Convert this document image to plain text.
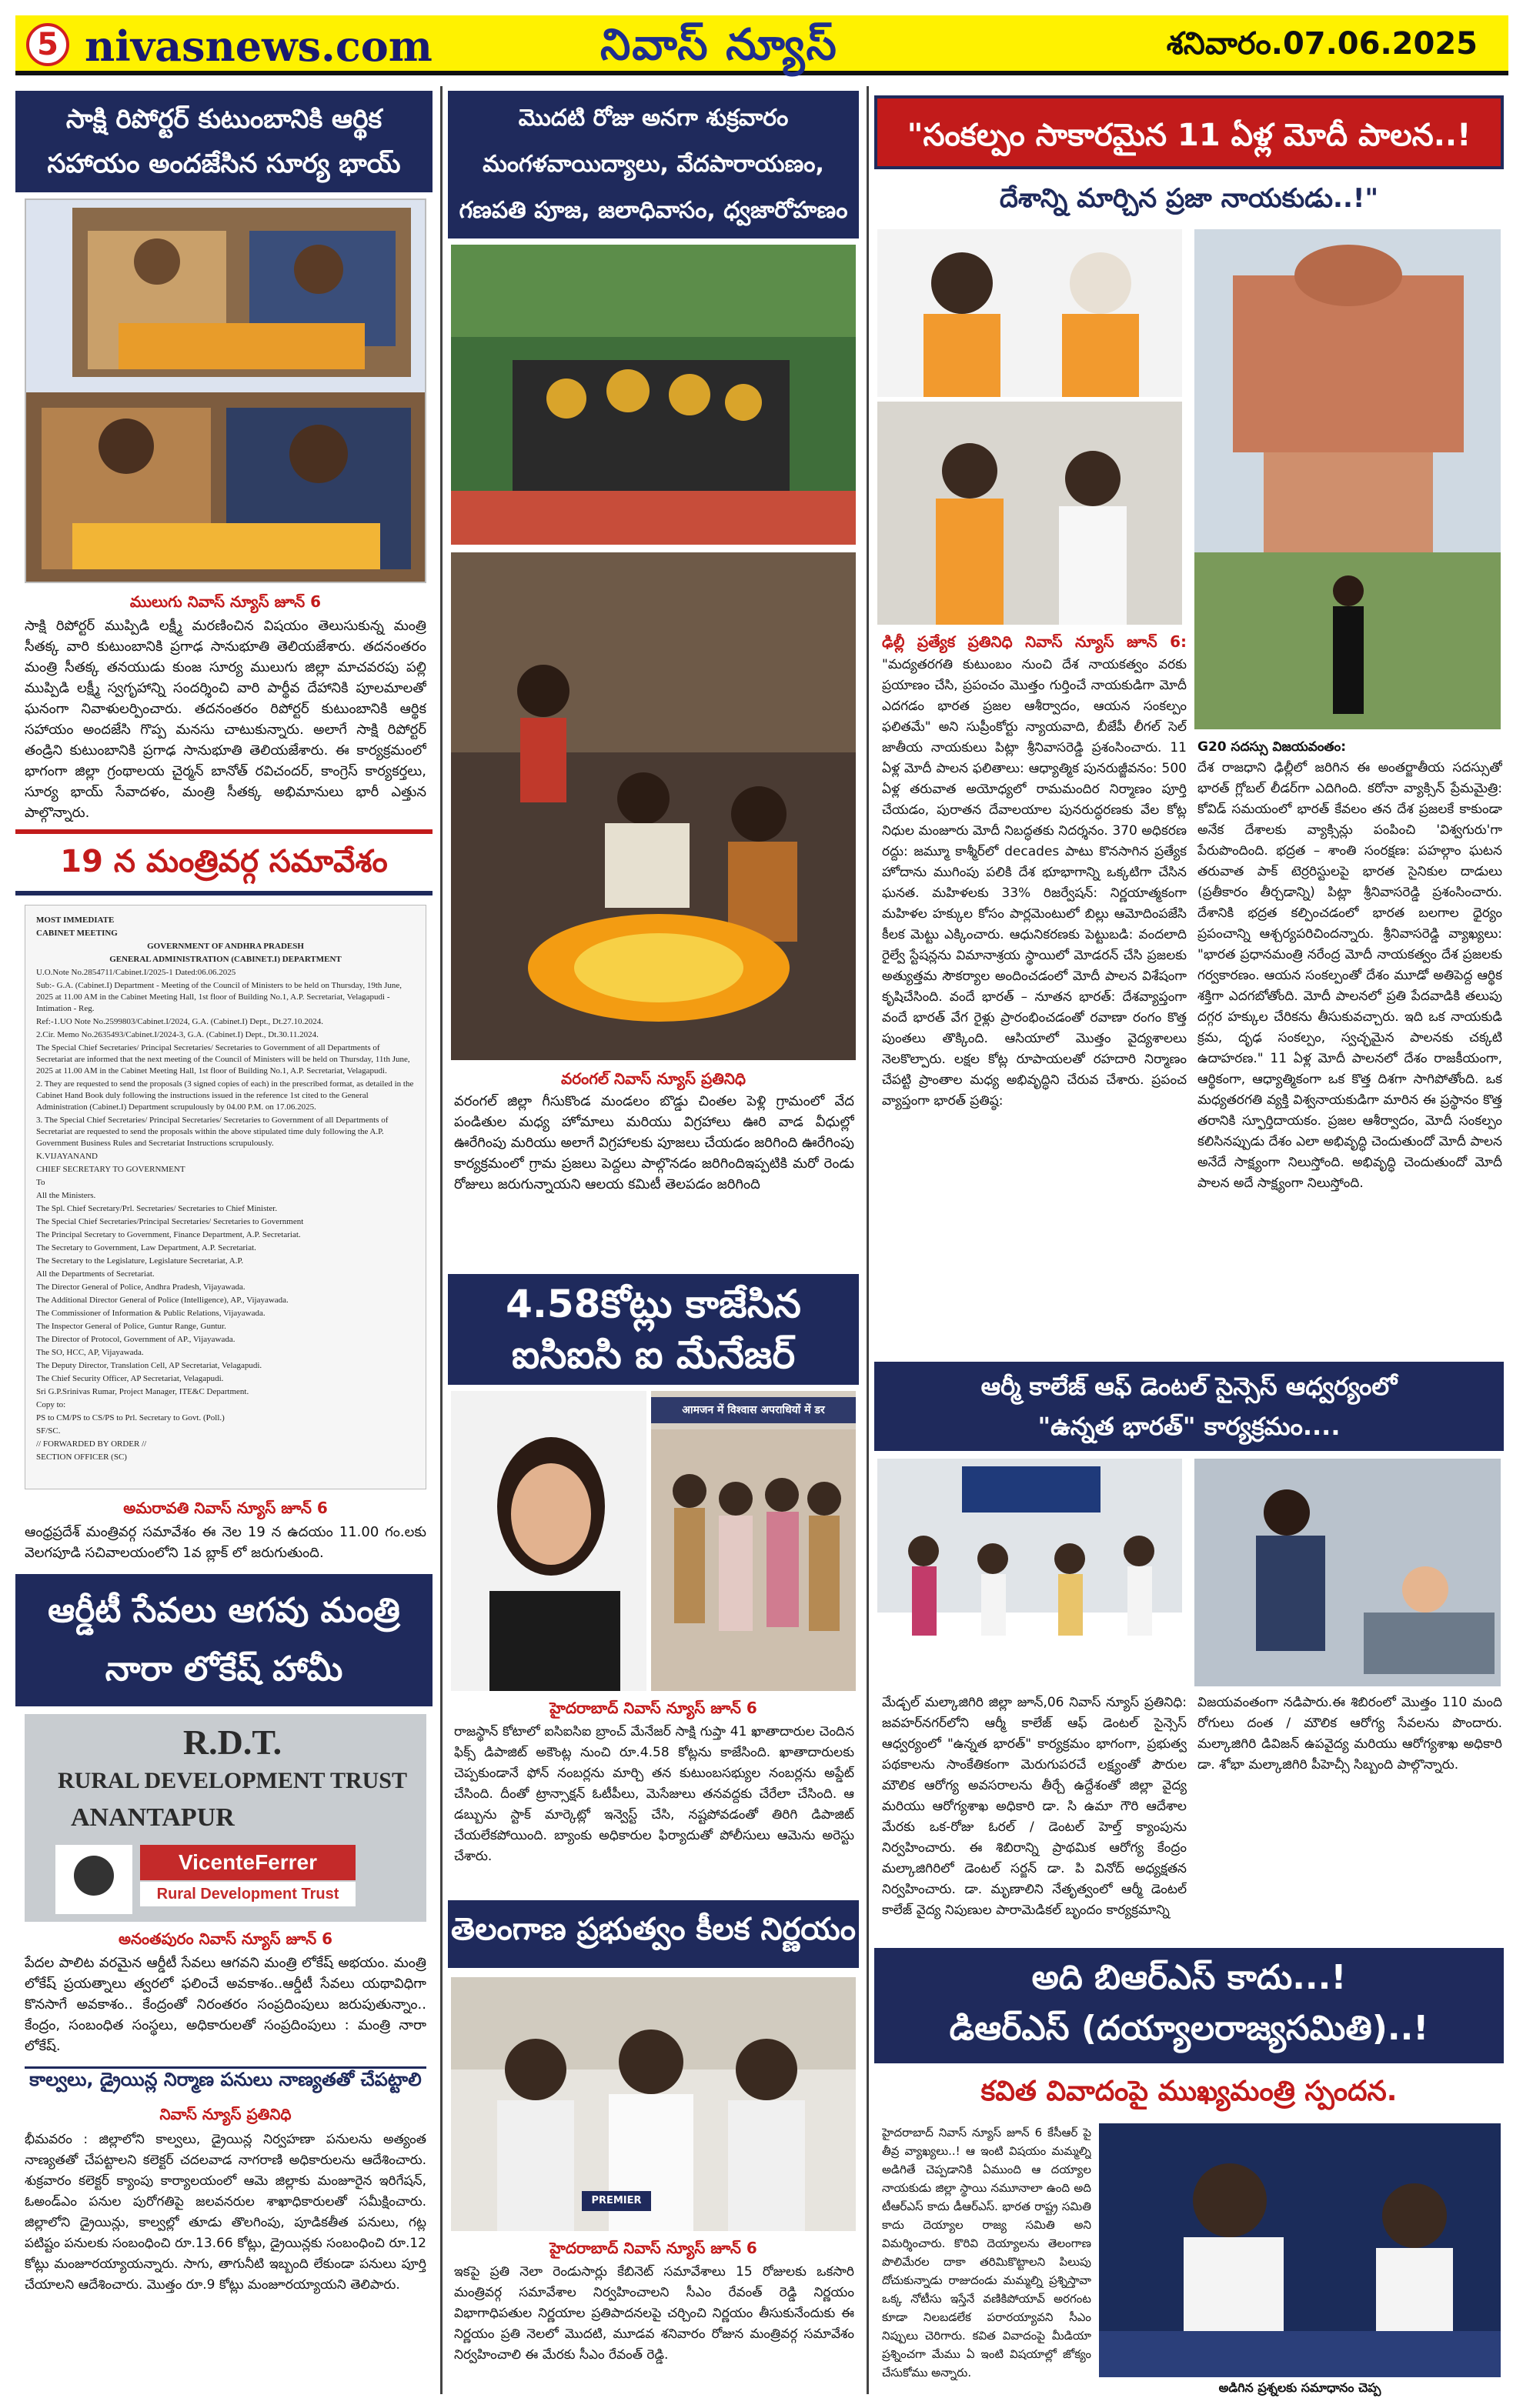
5 nivasnews.com	నివాస్ న్యూస్	శనివారం.07.06.2025
సాక్షి రిపోర్టర్ కుటుంబానికి ఆర్థిక సహాయం అందజేసిన సూర్య భాయ్
ములుగు నివాస్ న్యూస్ జూన్ 6
సాక్షి రిపోర్టర్ ముప్పిడి లక్ష్మీ మరణించిన విషయం తెలుసుకున్న మంత్రి సీతక్క వారి కుటుంబానికి ప్రగాఢ సానుభూతి తెలియజేశారు. తదనంతరం మంత్రి సీతక్క తనయుడు కుంజ సూర్య ములుగు జిల్లా మాచవరపు పల్లి ముప్పిడి లక్ష్మీ స్వగృహాన్ని సందర్శించి వారి పార్థీవ దేహానికి పూలమాలతో ఘనంగా నివాళులర్పించారు. తదనంతరం రిపోర్టర్ కుటుంబానికి ఆర్థిక సహాయం అందజేసి గొప్ప మనసు చాటుకున్నారు. అలాగే సాక్షి రిపోర్టర్ తండ్రిని కుటుంబానికి ప్రగాఢ సానుభూతి తెలియజేశారు. ఈ కార్యక్రమంలో భాగంగా జిల్లా గ్రంథాలయ చైర్మన్ బానోత్ రవిచందర్, కాంగ్రెస్ కార్యకర్తలు, సూర్య భాయ్ సేవాదళం, మంత్రి సీతక్క అభిమానులు భారీ ఎత్తున పాల్గొన్నారు.
19 న మంత్రివర్గ సమావేశం
MOST IMMEDIATE
CABINET MEETING
GOVERNMENT OF ANDHRA PRADESH
GENERAL ADMINISTRATION (CABINET.I) DEPARTMENT
U.O.Note No.2854711/Cabinet.I/2025-1 Dated:06.06.2025
Sub:- G.A. (Cabinet.I) Department - Meeting of the Council of Ministers to be held on Thursday, 19th June, 2025 at 11.00 AM in the Cabinet Meeting Hall, 1st floor of Building No.1, A.P. Secretariat, Velagapudi - Intimation - Reg.
Ref:-1.UO Note No.2599803/Cabinet.I/2024, G.A. (Cabinet.I) Dept., Dt.27.10.2024.
2.Cir. Memo No.2635493/Cabinet.I/2024-3, G.A. (Cabinet.I) Dept., Dt.30.11.2024.
The Special Chief Secretaries/ Principal Secretaries/ Secretaries to Government of all Departments of Secretariat are informed that the next meeting of the Council of Ministers will be held on Thursday, 11th June, 2025 at 11.00 AM in the Cabinet Meeting Hall, 1st floor of Building No.1, A.P. Secretariat, Velagapudi.
2. They are requested to send the proposals (3 signed copies of each) in the prescribed format, as detailed in the Cabinet Hand Book duly following the instructions issued in the reference 1st cited to the General Administration (Cabinet.I) Department scrupulously by 04.00 P.M. on 17.06.2025.
3. The Special Chief Secretaries/ Principal Secretaries/ Secretaries to Government of all Departments of Secretariat are requested to send the proposals within the above stipulated time duly following the A.P. Government Business Rules and Secretariat Instructions scrupulously.
K.VIJAYANAND
CHIEF SECRETARY TO GOVERNMENT
To
All the Ministers.
The Spl. Chief Secretary/Prl. Secretaries/ Secretaries to Chief Minister.
The Special Chief Secretaries/Principal Secretaries/ Secretaries to Government
The Principal Secretary to Government, Finance Department, A.P. Secretariat.
The Secretary to Government, Law Department, A.P. Secretariat.
The Secretary to the Legislature, Legislature Secretariat, A.P.
All the Departments of Secretariat.
The Director General of Police, Andhra Pradesh, Vijayawada.
The Additional Director General of Police (Intelligence), AP., Vijayawada.
The Commissioner of Information & Public Relations, Vijayawada.
The Inspector General of Police, Guntur Range, Guntur.
The Director of Protocol, Government of AP., Vijayawada.
The SO, HCC, AP, Vijayawada.
The Deputy Director, Translation Cell, AP Secretariat, Velagapudi.
The Chief Security Officer, AP Secretariat, Velagapudi.
Sri G.P.Srinivas Rumar, Project Manager, ITE&C Department.
Copy to:
PS to CM/PS to CS/PS to Prl. Secretary to Govt. (Poll.)
SF/SC.
// FORWARDED BY ORDER //
SECTION OFFICER (SC)
అమరావతి నివాస్ న్యూస్ జూన్ 6
ఆంధ్రప్రదేశ్ మంత్రివర్గ సమావేశం ఈ నెల 19 న ఉదయం 11.00 గం.లకు వెలగపూడి సచివాలయంలోని 1వ బ్లాక్ లో జరుగుతుంది.
ఆర్డీటీ సేవలు ఆగవు మంత్రి నారా లోకేష్ హామీ
R.D.T.
RURAL DEVELOPMENT TRUST
ANANTAPUR
VicenteFerrer
Rural Development Trust
అనంతపురం నివాస్ న్యూస్ జూన్ 6
పేదల పాలిట వరమైన ఆర్డీటీ సేవలు ఆగవని మంత్రి లోకేష్ అభయం. మంత్రి లోకేష్ ప్రయత్నాలు త్వరలో ఫలించే అవకాశం..ఆర్డీటీ సేవలు యథావిధిగా కొనసాగే అవకాశం.. కేంద్రంతో నిరంతరం సంప్రదింపులు జరుపుతున్నాం.. కేంద్రం, సంబంధిత సంస్థలు, అధికారులతో సంప్రదింపులు : మంత్రి నారా లోకేష్.
కాల్వలు, డ్రైయిన్ల నిర్మాణ పనులు నాణ్యతతో చేపట్టాలి
నివాస్ న్యూస్ ప్రతినిధి
భీమవరం : జిల్లాలోని కాల్వలు, డ్రైయిన్ల నిర్వహణా పనులను అత్యంత నాణ్యతతో చేపట్టాలని కలెక్టర్ చదలవాడ నాగరాణి అధికారులను ఆదేశించారు. శుక్రవారం కలెక్టర్ క్యాంపు కార్యాలయంలో ఆమె జిల్లాకు మంజూరైన ఇరిగేషన్, ఓఅండ్ఎం పనుల పురోగతిపై జలవనరుల శాఖాధికారులతో సమీక్షించారు. జిల్లాలోని డ్రైయిన్లు, కాల్వల్లో తూడు తొలగింపు, పూడికతీత పనులు, గట్ల పటిష్టం పనులకు సంబంధించి రూ.13.66 కోట్లు, డ్రైయిన్లకు సంబంధించి రూ.12 కోట్లు మంజూరయ్యాయన్నారు. సాగు, తాగునీటి ఇబ్బంది లేకుండా పనులు పూర్తి చేయాలని ఆదేశించారు. మొత్తం రూ.9 కోట్లు మంజూరయ్యాయని తెలిపారు.
మొదటి రోజు అనగా శుక్రవారం
మంగళవాయిద్యాలు, వేదపారాయణం,
గణపతి పూజ, జలాధివాసం, ధ్వజారోహణం
వరంగల్ నివాస్ న్యూస్ ప్రతినిధి
వరంగల్ జిల్లా గీసుకొండ మండలం బొడ్డు చింతల పెళ్లి గ్రామంలో వేద పండితుల మధ్య హోమాలు మరియు విగ్రహాలు ఊరి వాడ వీధుల్లో ఊరేగింపు మరియు అలాగే విగ్రహాలకు పూజలు చేయడం జరిగింది ఊరేగింపు కార్యక్రమంలో గ్రామ ప్రజలు పెద్దలు పాల్గొనడం జరిగిందిఇప్పటికి మరో రెండు రోజులు జరుగున్నాయని ఆలయ కమిటీ తెలపడం జరిగింది
4.58కోట్లు కాజేసిన ఐసిఐసి ఐ మేనేజర్
आमजन में विश्वास अपराधियों में डर
హైదరాబాద్ నివాస్ న్యూస్ జూన్ 6
రాజస్థాన్ కోటాలో ఐసిఐసిఐ బ్రాంచ్ మేనేజర్ సాక్షి గుప్తా 41 ఖాతాదారుల చెందిన ఫిక్స్ డిపాజిట్ అకౌంట్ల నుంచి రూ.4.58 కోట్లను కాజేసింది. ఖాతాదారులకు చెప్పకుండానే ఫోన్ నంబర్లను మార్చి తన కుటుంబసభ్యుల నంబర్లను అప్డేట్ చేసింది. దీంతో ట్రాన్సాక్షన్ ఓటీపీలు, మెసేజులు తనవద్దకు చేరేలా చేసింది. ఆ డబ్బును స్టాక్ మార్కెట్లో ఇన్వెస్ట్ చేసి, నష్టపోవడంతో తిరిగి డిపాజిట్ చేయలేకపోయింది. బ్యాంకు అధికారుల ఫిర్యాదుతో పోలీసులు ఆమెను అరెస్టు చేశారు.
తెలంగాణ ప్రభుత్వం కీలక నిర్ణయం
PREMIER
హైదరాబాద్ నివాస్ న్యూస్ జూన్ 6
ఇకపై ప్రతి నెలా రెండుసార్లు కేబినెట్ సమావేశాలు 15 రోజులకు ఒకసారి మంత్రివర్గ సమావేశాల నిర్వహించాలని సీఎం రేవంత్ రెడ్డి నిర్ణయం విభాగాధిపతుల నిర్ణయాల ప్రతిపాదనలపై చర్చించి నిర్ణయం తీసుకునేందుకు ఈ నిర్ణయం ప్రతి నెలలో మొదటి, మూడవ శనివారం రోజున మంత్రివర్గ సమావేశం నిర్వహించాలి ఈ మేరకు సీఎం రేవంత్ రెడ్డి.
"సంకల్పం సాకారమైన 11 ఏళ్ల మోదీ పాలన..!
దేశాన్ని మార్చిన ప్రజా నాయకుడు..!"
ఢిల్లీ ప్రత్యేక ప్రతినిధి నివాస్ న్యూస్ జూన్ 6: "మద్యతరగతి కుటుంబం నుంచి దేశ నాయకత్వం వరకు ప్రయాణం చేసి, ప్రపంచం మొత్తం గుర్తించే నాయకుడిగా మోదీ ఎదగడం భారత ప్రజల ఆశీర్వాదం, ఆయన సంకల్పం ఫలితమే" అని సుప్రీంకోర్టు న్యాయవాది, బీజేపీ లీగల్ సెల్ జాతీయ నాయకులు పిట్లా శ్రీనివాసరెడ్డి ప్రశంసించారు. 11 ఏళ్ల మోదీ పాలన ఫలితాలు: ఆధ్యాత్మిక పునరుజ్జీవనం: 500 ఏళ్ల తరువాత అయోధ్యలో రామమందిర నిర్మాణం పూర్తి చేయడం, పురాతన దేవాలయాల పునరుద్ధరణకు వేల కోట్ల నిధుల మంజూరు మోదీ నిబద్ధతకు నిదర్శనం. 370 అధికరణ రద్దు: జమ్మూ కాశ్మీర్‌లో decades పాటు కొనసాగిన ప్రత్యేక హోదాను ముగింపు పలికి దేశ భూభాగాన్ని ఒక్కటిగా చేసిన ఘనత. మహిళలకు 33% రిజర్వేషన్: నిర్ణయాత్మకంగా మహిళల హక్కుల కోసం పార్లమెంటులో బిల్లు ఆమోదింపజేసి కీలక మెట్టు ఎక్కించారు. ఆధునికరణకు పెట్టుబడి: వందలాది రైల్వే స్టేషన్లను విమానాశ్రయ స్థాయిలో మోడరన్ చేసి ప్రజలకు అత్యుత్తమ సౌకర్యాల అందించడంలో మోదీ పాలన విశేషంగా కృషిచేసింది. వందే భారత్ – నూతన భారత్: దేశవ్యాప్తంగా వందే భారత్ వేగ రైళ్లు ప్రారంభించడంతో రవాణా రంగం కొత్త పుంతలు తొక్కింది. ఆసియాలో మొత్తం వైద్యశాలలు నెలకొల్పారు. లక్షల కోట్ల రూపాయలతో రహదారి నిర్మాణం చేపట్టి ప్రాంతాల మధ్య అభివృద్ధిని చేరువ చేశారు. ప్రపంచ వ్యాప్తంగా భారత్ ప్రతిష్ఠ:
G20 సదస్సు విజయవంతం:
దేశ రాజధాని ఢిల్లీలో జరిగిన ఈ అంతర్జాతీయ సదస్సుతో భారత్ గ్లోబల్ లీడర్‌గా ఎదిగింది. కరోనా వ్యాక్సిన్ ప్రేమమైత్రి: కోవిడ్ సమయంలో భారత్ కేవలం తన దేశ ప్రజలకే కాకుండా అనేక దేశాలకు వ్యాక్సిన్లు పంపించి 'విశ్వగురు'గా పేరుపొందింది. భద్రత – శాంతి సంరక్షణ: పహల్గాం ఘటన తరువాత పాక్ టెర్రరిస్టులపై భారత సైనికుల దాడులు (ప్రతీకారం తీర్చడాన్ని) పిట్లా శ్రీనివాసరెడ్డి ప్రశంసించారు. దేశానికి భద్రత కల్పించడంలో భారత బలగాల ధైర్యం ప్రపంచాన్ని ఆశ్చర్యపరిచిందన్నారు. శ్రీనివాసరెడ్డి వ్యాఖ్యలు: "భారత ప్రధానమంత్రి నరేంద్ర మోదీ నాయకత్వం దేశ ప్రజలకు గర్వకారణం. ఆయన సంకల్పంతో దేశం మూడో అతిపెద్ద ఆర్థిక శక్తిగా ఎదగబోతోంది. మోదీ పాలనలో ప్రతి పేదవాడికి తలుపు దగ్గర హక్కుల చేరికను తీసుకువచ్చారు. ఇది ఒక నాయకుడి క్రమ, దృఢ సంకల్పం, స్వచ్ఛమైన పాలనకు చక్కటి ఉదాహరణ." 11 ఏళ్ల మోదీ పాలనలో దేశం రాజకీయంగా, ఆర్థికంగా, ఆధ్యాత్మికంగా ఒక కొత్త దిశగా సాగిపోతోంది. ఒక మధ్యతరగతి వ్యక్తి విశ్వనాయకుడిగా మారిన ఈ ప్రస్థానం కొత్త తరానికి స్ఫూర్తిదాయకం. ప్రజల ఆశీర్వాదం, మోదీ సంకల్పం కలిసినప్పుడు దేశం ఎలా అభివృద్ధి చెందుతుందో మోదీ పాలన అనేదే సాక్ష్యంగా నిలుస్తోంది. అభివృద్ధి చెందుతుందో మోదీ పాలన అదే సాక్ష్యంగా నిలుస్తోంది.
ఆర్మీ కాలేజ్ ఆఫ్ డెంటల్ సైన్సెస్ ఆధ్వర్యంలో
"ఉన్నత భారత్" కార్యక్రమం....
మేడ్చల్ మల్కాజిగిరి జిల్లా జూన్,06 నివాస్ న్యూస్ ప్రతినిధి: జవహర్‌నగర్‌లోని ఆర్మీ కాలేజ్ ఆఫ్ డెంటల్ సైన్సెస్ ఆధ్వర్యంలో "ఉన్నత భారత్" కార్యక్రమం భాగంగా, ప్రభుత్వ పథకాలను సాంకేతికంగా మెరుగుపరచే లక్ష్యంతో పౌరుల మౌలిక ఆరోగ్య అవసరాలను తీర్చే ఉద్దేశంతో జిల్లా వైద్య మరియు ఆరోగ్యశాఖ అధికారి డా. సి ఉమా గౌరి ఆదేశాల మేరకు ఒక-రోజు ఓరల్ / డెంటల్ హెల్త్ క్యాంపును నిర్వహించారు. ఈ శిబిరాన్ని ప్రాథమిక ఆరోగ్య కేంద్రం మల్కాజిగిరిలో డెంటల్ సర్జన్ డా. పి వినోద్ అధ్యక్షతన నిర్వహించారు. డా. మృణాలిని నేతృత్వంలో ఆర్మీ డెంటల్ కాలేజ్ వైద్య నిపుణుల పారామెడికల్ బృందం కార్యక్రమాన్ని
విజయవంతంగా నడిపారు.ఈ శిబిరంలో మొత్తం 110 మంది రోగులు దంత / మౌలిక ఆరోగ్య సేవలను పొందారు. మల్కాజిగిరి డివిజన్ ఉపవైద్య మరియు ఆరోగ్యశాఖ అధికారి డా. శోభా మల్కాజిగిరి పీహెచ్సీ సిబ్బంది పాల్గొన్నారు.
అది బిఆర్ఎస్ కాదు...!
డిఆర్ఎస్ (దయ్యాలరాజ్యసమితి)..!
కవిత వివాదంపై ముఖ్యమంత్రి స్పందన.
హైదరాబాద్ నివాస్ న్యూస్ జూన్ 6 కేసీఆర్ పై తీవ్ర వ్యాఖ్యలు..! ఆ ఇంటి విషయం మమ్మల్ని అడిగితే చెప్పడానికి ఏముంది ఆ దయ్యాల నాయకుడు జిల్లా స్థాయి నమూనాలా ఉంది అది టీఆర్ఎస్ కాదు డీఆర్ఎస్. భారత రాష్ట్ర సమితి కాదు దెయ్యాల రాజ్య సమితి అని విమర్శించారు. కొరివి దెయ్యాలను తెలంగాణ పొలిమేరల దాకా తరిమికొట్టాలని పిలుపు దోచుకున్నాడు రాజుదండు మమ్మల్ని ప్రశ్నిస్తావా ఒక్క నోటీసు ఇస్తేనే వణికిపోయావ్ అరగంట కూడా నిలబడలేక పరారయ్యావని సీఎం నిప్పులు చెరిగారు. కవిత వివాదంపై మీడియా ప్రశ్నించగా మేము ఏ ఇంటి విషయాల్లో జోక్యం చేసుకోము అన్నారు.
అడిగిన ప్రశ్నలకు సమాధానం చెప్ప
